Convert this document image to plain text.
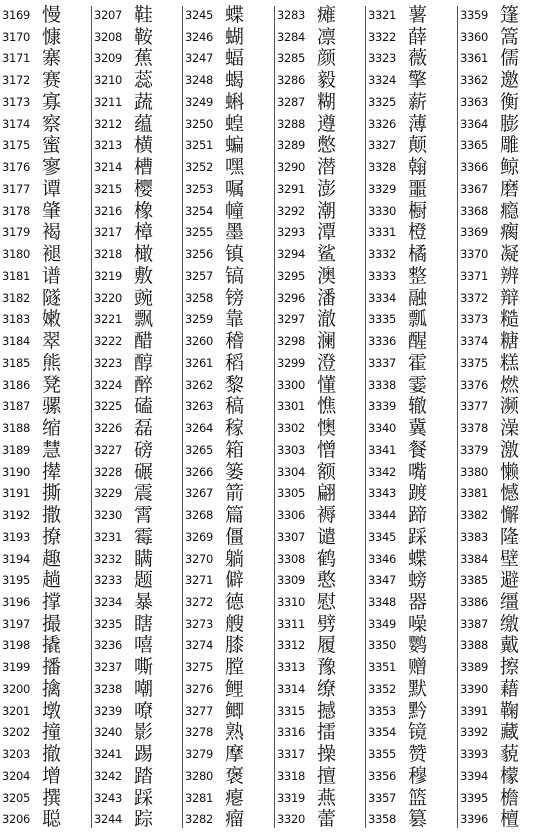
3169 慢
3170 慷
3171 寨
3172 赛
3173 寡
3174 察
3175 蜜
3176 寥
3177 谭
3178 肇
3179 褐
3180 褪
3181 谱
3182 隧
3183 嫩
3184 翠
3185 熊
3186 凳
3187 骡
3188 缩
3189 慧
3190 撵
3191 撕
3192 撒
3193 撩
3194 趣
3195 趟
3196 撑
3197 撮
3198 撬
3199 播
3200 擒
3201 墩
3202 撞
3203 撤
3204 增
3205 撰
3206 聪
3207 鞋
3208 鞍
3209 蕉
3210 蕊
3211 蔬
3212 蕴
3213 横
3214 槽
3215 樱
3216 橡
3217 樟
3218 橄
3219 敷
3220 豌
3221 飘
3222 醋
3223 醇
3224 醉
3225 磕
3226 磊
3227 磅
3228 碾
3229 震
3230 霄
3231 霉
3232 瞒
3233 题
3234 暴
3235 瞎
3236 嘻
3237 嘶
3238 嘲
3239 嘹
3240 影
3241 踢
3242 踏
3243 踩
3244 踪
3245 蝶
3246 蝴
3247 蝠
3248 蝎
3249 蝌
3250 蝗
3251 蝙
3252 嘿
3253 嘱
3254 幢
3255 墨
3256 镇
3257 镐
3258 镑
3259 靠
3260 稽
3261 稻
3262 黎
3263 稿
3264 稼
3265 箱
3266 篓
3267 箭
3268 篇
3269 僵
3270 躺
3271 僻
3272 德
3273 艘
3274 膝
3275 膛
3276 鲤
3277 鲫
3278 熟
3279 摩
3280 褒
3281 瘪
3282 瘤
3283 瘫
3284 凛
3285 颜
3286 毅
3287 糊
3288 遵
3289 憋
3290 潜
3291 澎
3292 潮
3293 潭
3294 鲨
3295 澳
3296 潘
3297 澈
3298 澜
3299 澄
3300 懂
3301 憔
3302 懊
3303 憎
3304 额
3305 翩
3306 褥
3307 谴
3308 鹤
3309 憨
3310 慰
3311 劈
3312 履
3313 豫
3314 缭
3315 撼
3316 擂
3317 操
3318 擅
3319 燕
3320 蕾
3321 薯
3322 薛
3323 薇
3324 擎
3325 薪
3326 薄
3327 颠
3328 翰
3329 噩
3330 橱
3331 橙
3332 橘
3333 整
3334 融
3335 瓢
3336 醒
3337 霍
3338 霎
3339 辙
3340 冀
3341 餐
3342 嘴
3343 踱
3344 蹄
3345 踩
3346 蝶
3347 螃
3348 器
3349 噪
3350 鹦
3351 赠
3352 默
3353 黔
3354 镜
3355 赞
3356 穆
3357 篮
3358 篡
3359 篷
3360 篙
3361 儒
3362 邀
3363 衡
3364 膨
3365 雕
3366 鲸
3367 磨
3368 瘾
3369 瘸
3370 凝
3371 辨
3372 辩
3373 糙
3374 糖
3375 糕
3376 燃
3377 濒
3378 澡
3379 激
3380 懒
3381 憾
3382 懈
3383 隆
3384 壁
3385 避
3386 缰
3387 缴
3388 戴
3389 擦
3390 藉
3391 鞠
3392 藏
3393 藐
3394 檬
3395 檐
3396 檀
